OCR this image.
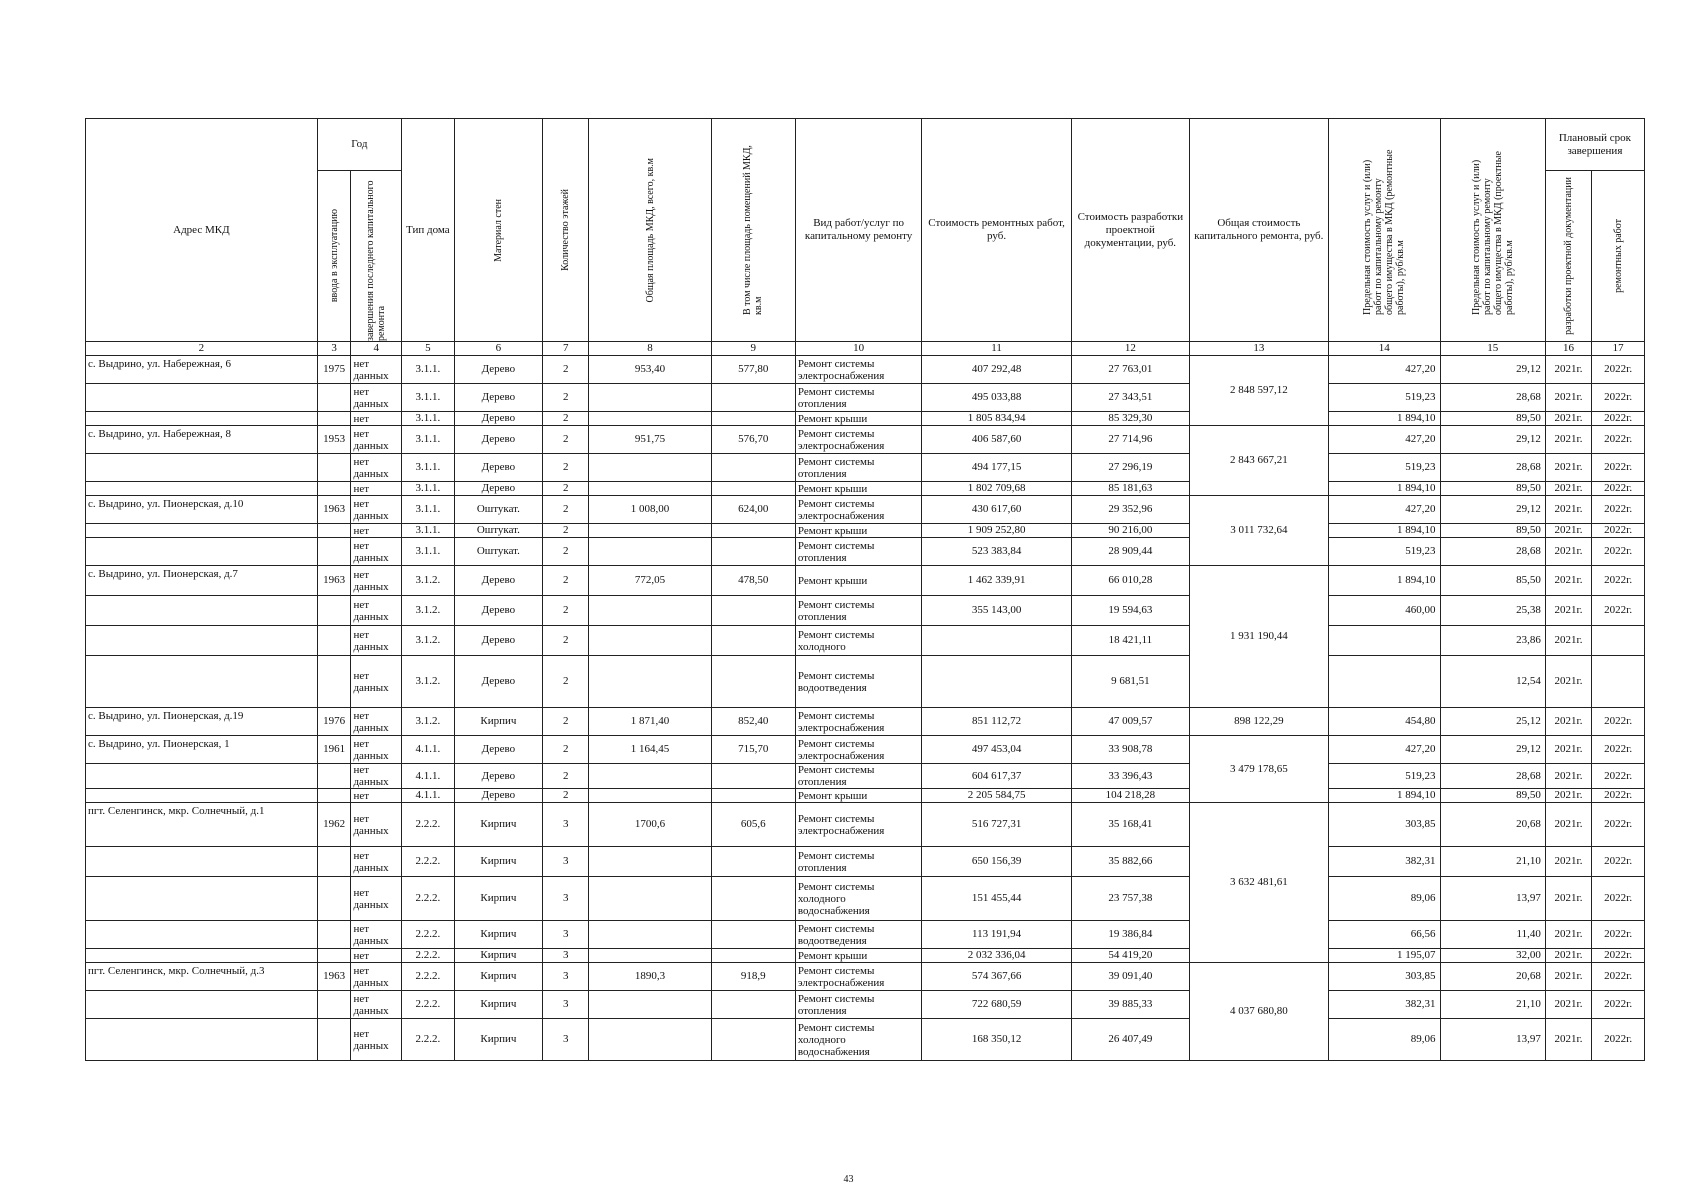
Адрес МКД	Год		Тип дома	Материал стен	Количество этажей	Общая площадь МКД, всего, кв.м	В том числе площадь помещений МКД, кв.м	Вид работ/услуг по капитальному ремонту	Стоимость ремонтных работ, руб.	Стоимость разработки проектной документации, руб.	Общая стоимость капитального ремонта, руб.	Предельная стоимость услуг и (или) работ по капитальному ремонту общего имущества в МКД (ремонтные работы), руб/кв.м	Предельная стоимость услуг и (или) работ по капитальному ремонту общего имущества в МКД (проектные работы), руб/кв.м	Плановый срок завершения	

	ввода в эксплуатацию	завершения последнего капитального ремонта												разработки проектной документации	ремонтных работ

2	3	4	5	6	7	8	9	10	11	12	13	14	15	16	17
с. Выдрино, ул. Набережная, 6	1975	нет данных	3.1.1.	Дерево	2	953,40	577,80	Ремонт системы электроснабжения	407 292,48	27 763,01	2 848 597,12	427,20	29,12	2021г.	2022г.
		нет данных	3.1.1.	Дерево	2			Ремонт системы отопления	495 033,88	27 343,51		519,23	28,68	2021г.	2022г.
		нет	3.1.1.	Дерево	2			Ремонт крыши	1 805 834,94	85 329,30		1 894,10	89,50	2021г.	2022г.
с. Выдрино, ул. Набережная, 8	1953	нет данных	3.1.1.	Дерево	2	951,75	576,70	Ремонт системы электроснабжения	406 587,60	27 714,96	2 843 667,21	427,20	29,12	2021г.	2022г.
		нет данных	3.1.1.	Дерево	2			Ремонт системы отопления	494 177,15	27 296,19		519,23	28,68	2021г.	2022г.
		нет	3.1.1.	Дерево	2			Ремонт крыши	1 802 709,68	85 181,63		1 894,10	89,50	2021г.	2022г.
с. Выдрино, ул. Пионерская, д.10	1963	нет данных	3.1.1.	Оштукат.	2	1 008,00	624,00	Ремонт системы электроснабжения	430 617,60	29 352,96	3 011 732,64	427,20	29,12	2021г.	2022г.
		нет	3.1.1.	Оштукат.	2			Ремонт крыши	1 909 252,80	90 216,00		1 894,10	89,50	2021г.	2022г.
		нет данных	3.1.1.	Оштукат.	2			Ремонт системы отопления	523 383,84	28 909,44		519,23	28,68	2021г.	2022г.
с. Выдрино, ул. Пионерская, д.7	1963	нет данных	3.1.2.	Дерево	2	772,05	478,50	Ремонт крыши	1 462 339,91	66 010,28	1 931 190,44	1 894,10	85,50	2021г.	2022г.
		нет данных	3.1.2.	Дерево	2			Ремонт системы отопления	355 143,00	19 594,63		460,00	25,38	2021г.	2022г.
		нет данных	3.1.2.	Дерево	2			Ремонт системы холодного		18 421,11			23,86	2021г.	
		нет данных	3.1.2.	Дерево	2			Ремонт системы водоотведения		9 681,51			12,54	2021г.	
с. Выдрино, ул. Пионерская, д.19	1976	нет данных	3.1.2.	Кирпич	2	1 871,40	852,40	Ремонт системы электроснабжения	851 112,72	47 009,57	898 122,29	454,80	25,12	2021г.	2022г.
с. Выдрино, ул. Пионерская, 1	1961	нет данных	4.1.1.	Дерево	2	1 164,45	715,70	Ремонт системы электроснабжения	497 453,04	33 908,78	3 479 178,65	427,20	29,12	2021г.	2022г.
		нет данных	4.1.1.	Дерево	2			Ремонт системы отопления	604 617,37	33 396,43		519,23	28,68	2021г.	2022г.
		нет	4.1.1.	Дерево	2			Ремонт крыши	2 205 584,75	104 218,28		1 894,10	89,50	2021г.	2022г.
пгт. Селенгинск, мкр. Солнечный, д.1	1962	нет данных	2.2.2.	Кирпич	3	1700,6	605,6	Ремонт системы электроснабжения	516 727,31	35 168,41	3 632 481,61	303,85	20,68	2021г.	2022г.
		нет данных	2.2.2.	Кирпич	3			Ремонт системы отопления	650 156,39	35 882,66		382,31	21,10	2021г.	2022г.
		нет данных	2.2.2.	Кирпич	3			Ремонт системы холодного водоснабжения	151 455,44	23 757,38		89,06	13,97	2021г.	2022г.
		нет данных	2.2.2.	Кирпич	3			Ремонт системы водоотведения	113 191,94	19 386,84		66,56	11,40	2021г.	2022г.
		нет	2.2.2.	Кирпич	3			Ремонт крыши	2 032 336,04	54 419,20		1 195,07	32,00	2021г.	2022г.
пгт. Селенгинск, мкр. Солнечный, д.3	1963	нет данных	2.2.2.	Кирпич	3	1890,3	918,9	Ремонт системы электроснабжения	574 367,66	39 091,40	4 037 680,80	303,85	20,68	2021г.	2022г.
		нет данных	2.2.2.	Кирпич	3			Ремонт системы отопления	722 680,59	39 885,33		382,31	21,10	2021г.	2022г.
		нет данных	2.2.2.	Кирпич	3			Ремонт системы холодного водоснабжения	168 350,12	26 407,49		89,06	13,97	2021г.	2022г.
43
